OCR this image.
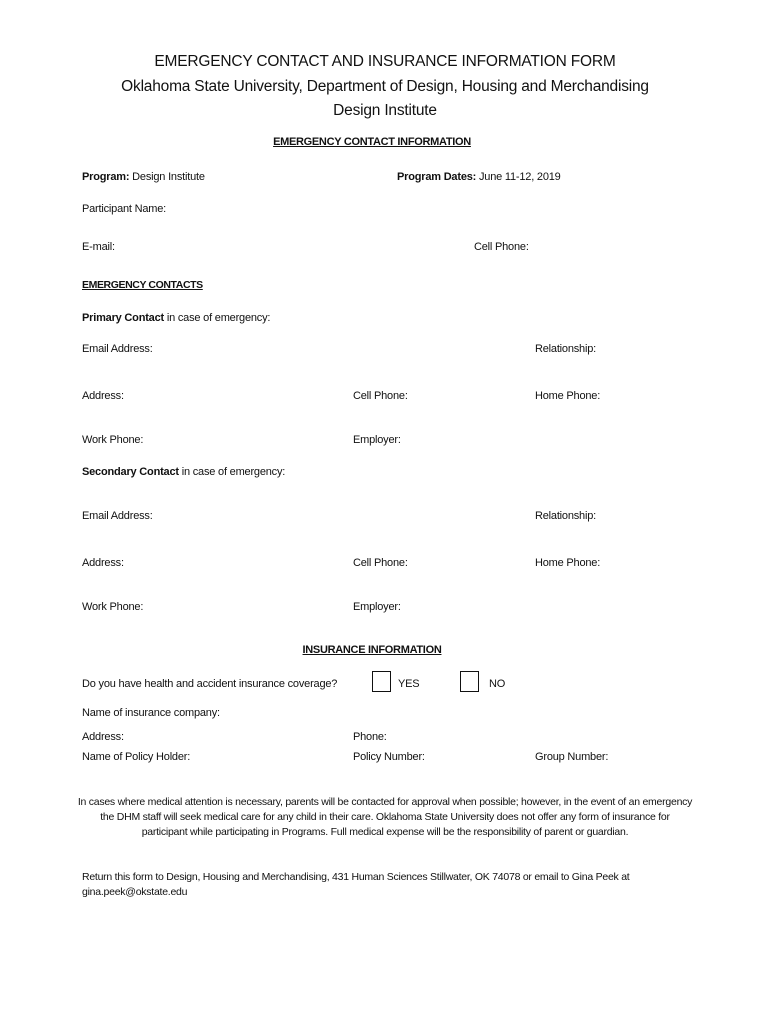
EMERGENCY CONTACT AND INSURANCE INFORMATION FORM
Oklahoma State University, Department of Design, Housing and Merchandising
Design Institute
EMERGENCY CONTACT INFORMATION
Program: Design Institute	Program Dates: June 11-12, 2019
Participant Name:
E-mail:	Cell Phone:
EMERGENCY CONTACTS
Primary Contact in case of emergency:
Email Address:	Relationship:
Address:	Cell Phone:	Home Phone:
Work Phone:	Employer:
Secondary Contact in case of emergency:
Email Address:	Relationship:
Address:	Cell Phone:	Home Phone:
Work Phone:	Employer:
INSURANCE INFORMATION
Do you have health and accident insurance coverage?	YES	NO
Name of insurance company:
Address:	Phone:
Name of Policy Holder:	Policy Number:	Group Number:
In cases where medical attention is necessary, parents will be contacted for approval when possible; however, in the event of an emergency
the DHM staff will seek medical care for any child in their care. Oklahoma State University does not offer any form of insurance for
participant while participating in Programs. Full medical expense will be the responsibility of parent or guardian.
Return this form to Design, Housing and Merchandising, 431 Human Sciences Stillwater, OK 74078 or email to Gina Peek at
gina.peek@okstate.edu
